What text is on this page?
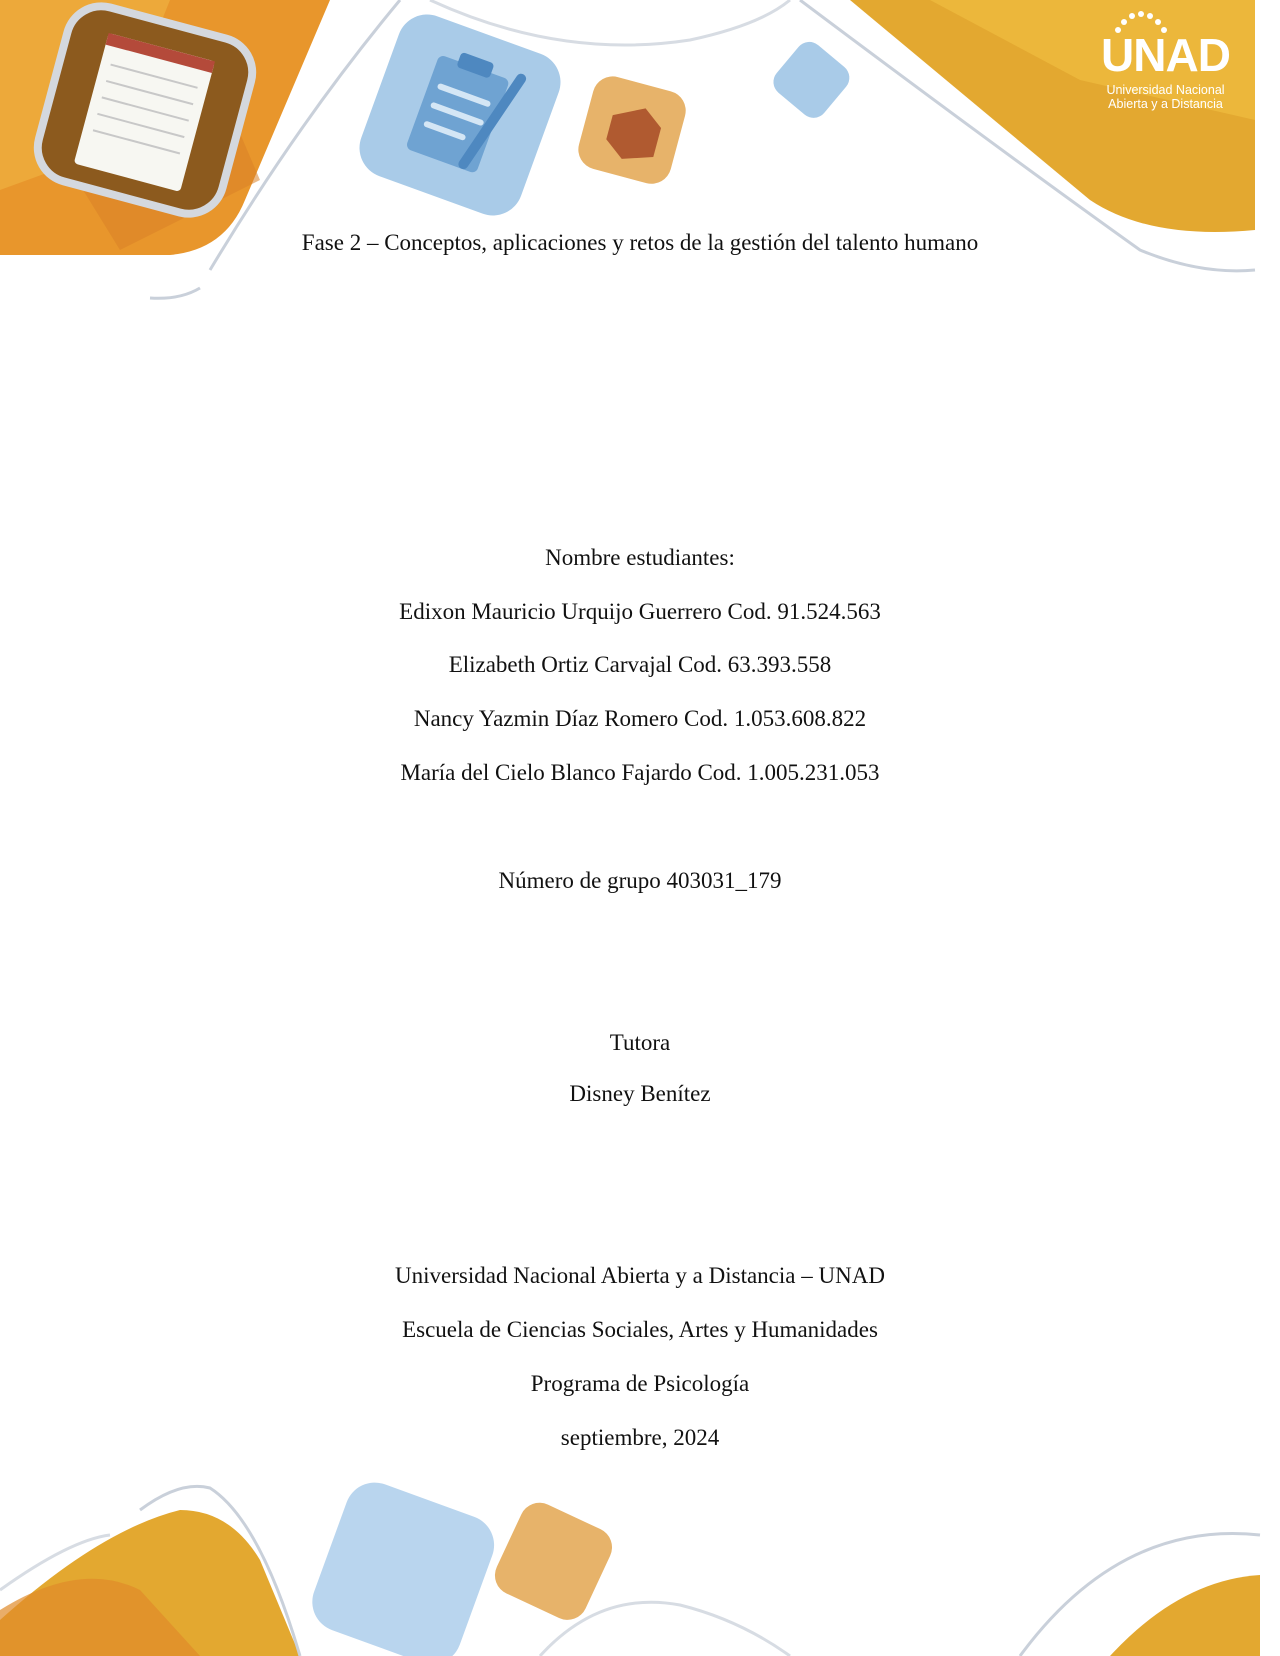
UNAD
Universidad Nacional
Abierta y a Distancia
Fase 2 – Conceptos, aplicaciones y retos de la gestión del talento humano
Nombre estudiantes:
Edixon Mauricio Urquijo Guerrero Cod. 91.524.563
Elizabeth Ortiz Carvajal Cod. 63.393.558
Nancy Yazmin Díaz Romero Cod. 1.053.608.822
María del Cielo Blanco Fajardo Cod. 1.005.231.053
Número de grupo 403031_179
Tutora
Disney Benítez
Universidad Nacional Abierta y a Distancia – UNAD
Escuela de Ciencias Sociales, Artes y Humanidades
Programa de Psicología
septiembre, 2024
